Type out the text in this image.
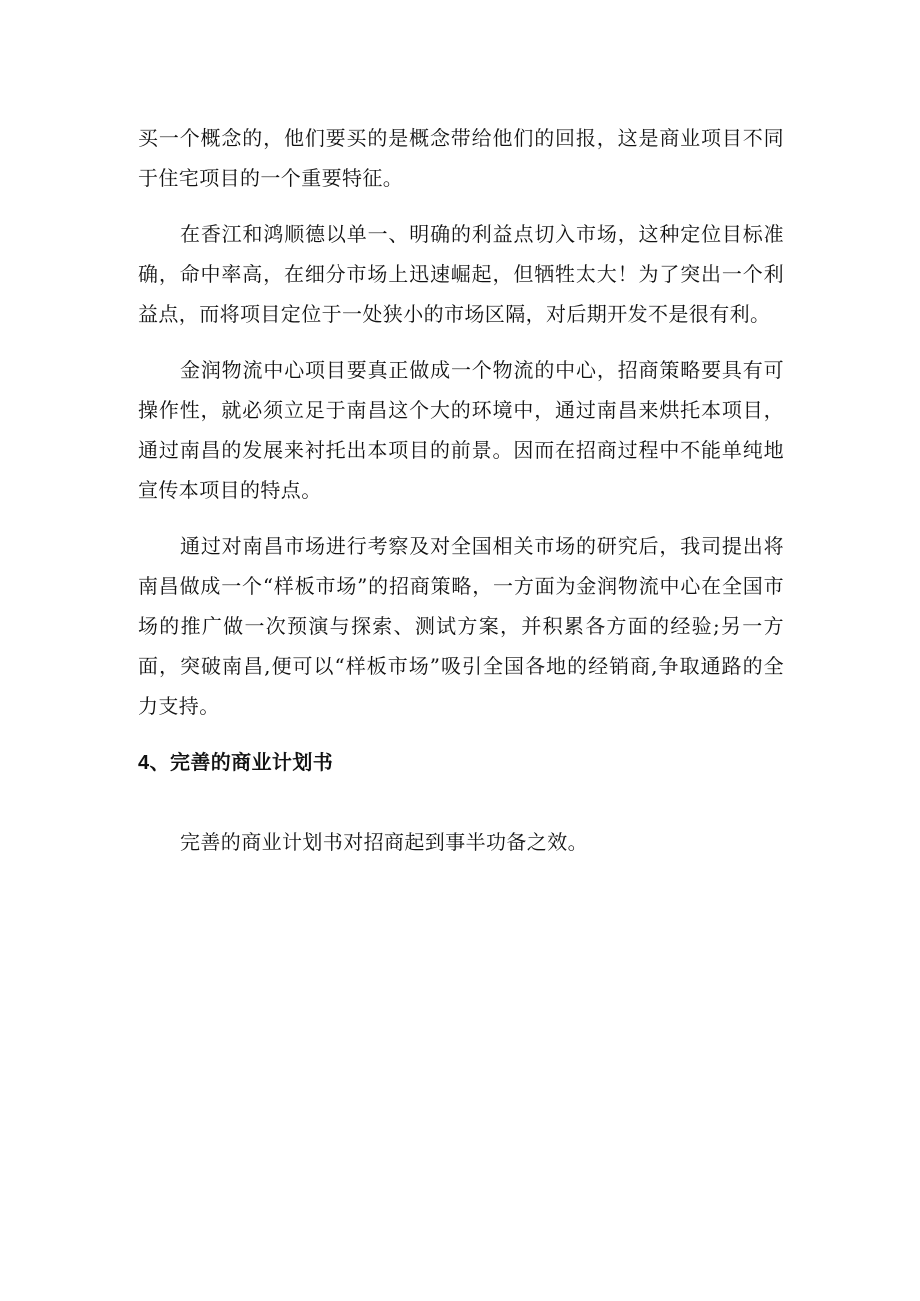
买一个概念的，他们要买的是概念带给他们的回报，这是商业项目不同于住宅项目的一个重要特征。

在香江和鸿顺德以单一、明确的利益点切入市场，这种定位目标准确，命中率高，在细分市场上迅速崛起，但牺牲太大！为了突出一个利益点，而将项目定位于一处狭小的市场区隔，对后期开发不是很有利。

金润物流中心项目要真正做成一个物流的中心，招商策略要具有可操作性，就必须立足于南昌这个大的环境中，通过南昌来烘托本项目，通过南昌的发展来衬托出本项目的前景。因而在招商过程中不能单纯地宣传本项目的特点。

通过对南昌市场进行考察及对全国相关市场的研究后，我司提出将南昌做成一个“样板市场”的招商策略，一方面为金润物流中心在全国市场的推广做一次预演与探索、测试方案，并积累各方面的经验;另一方面，突破南昌,便可以“样板市场”吸引全国各地的经销商,争取通路的全力支持。

4、完善的商业计划书

完善的商业计划书对招商起到事半功备之效。
